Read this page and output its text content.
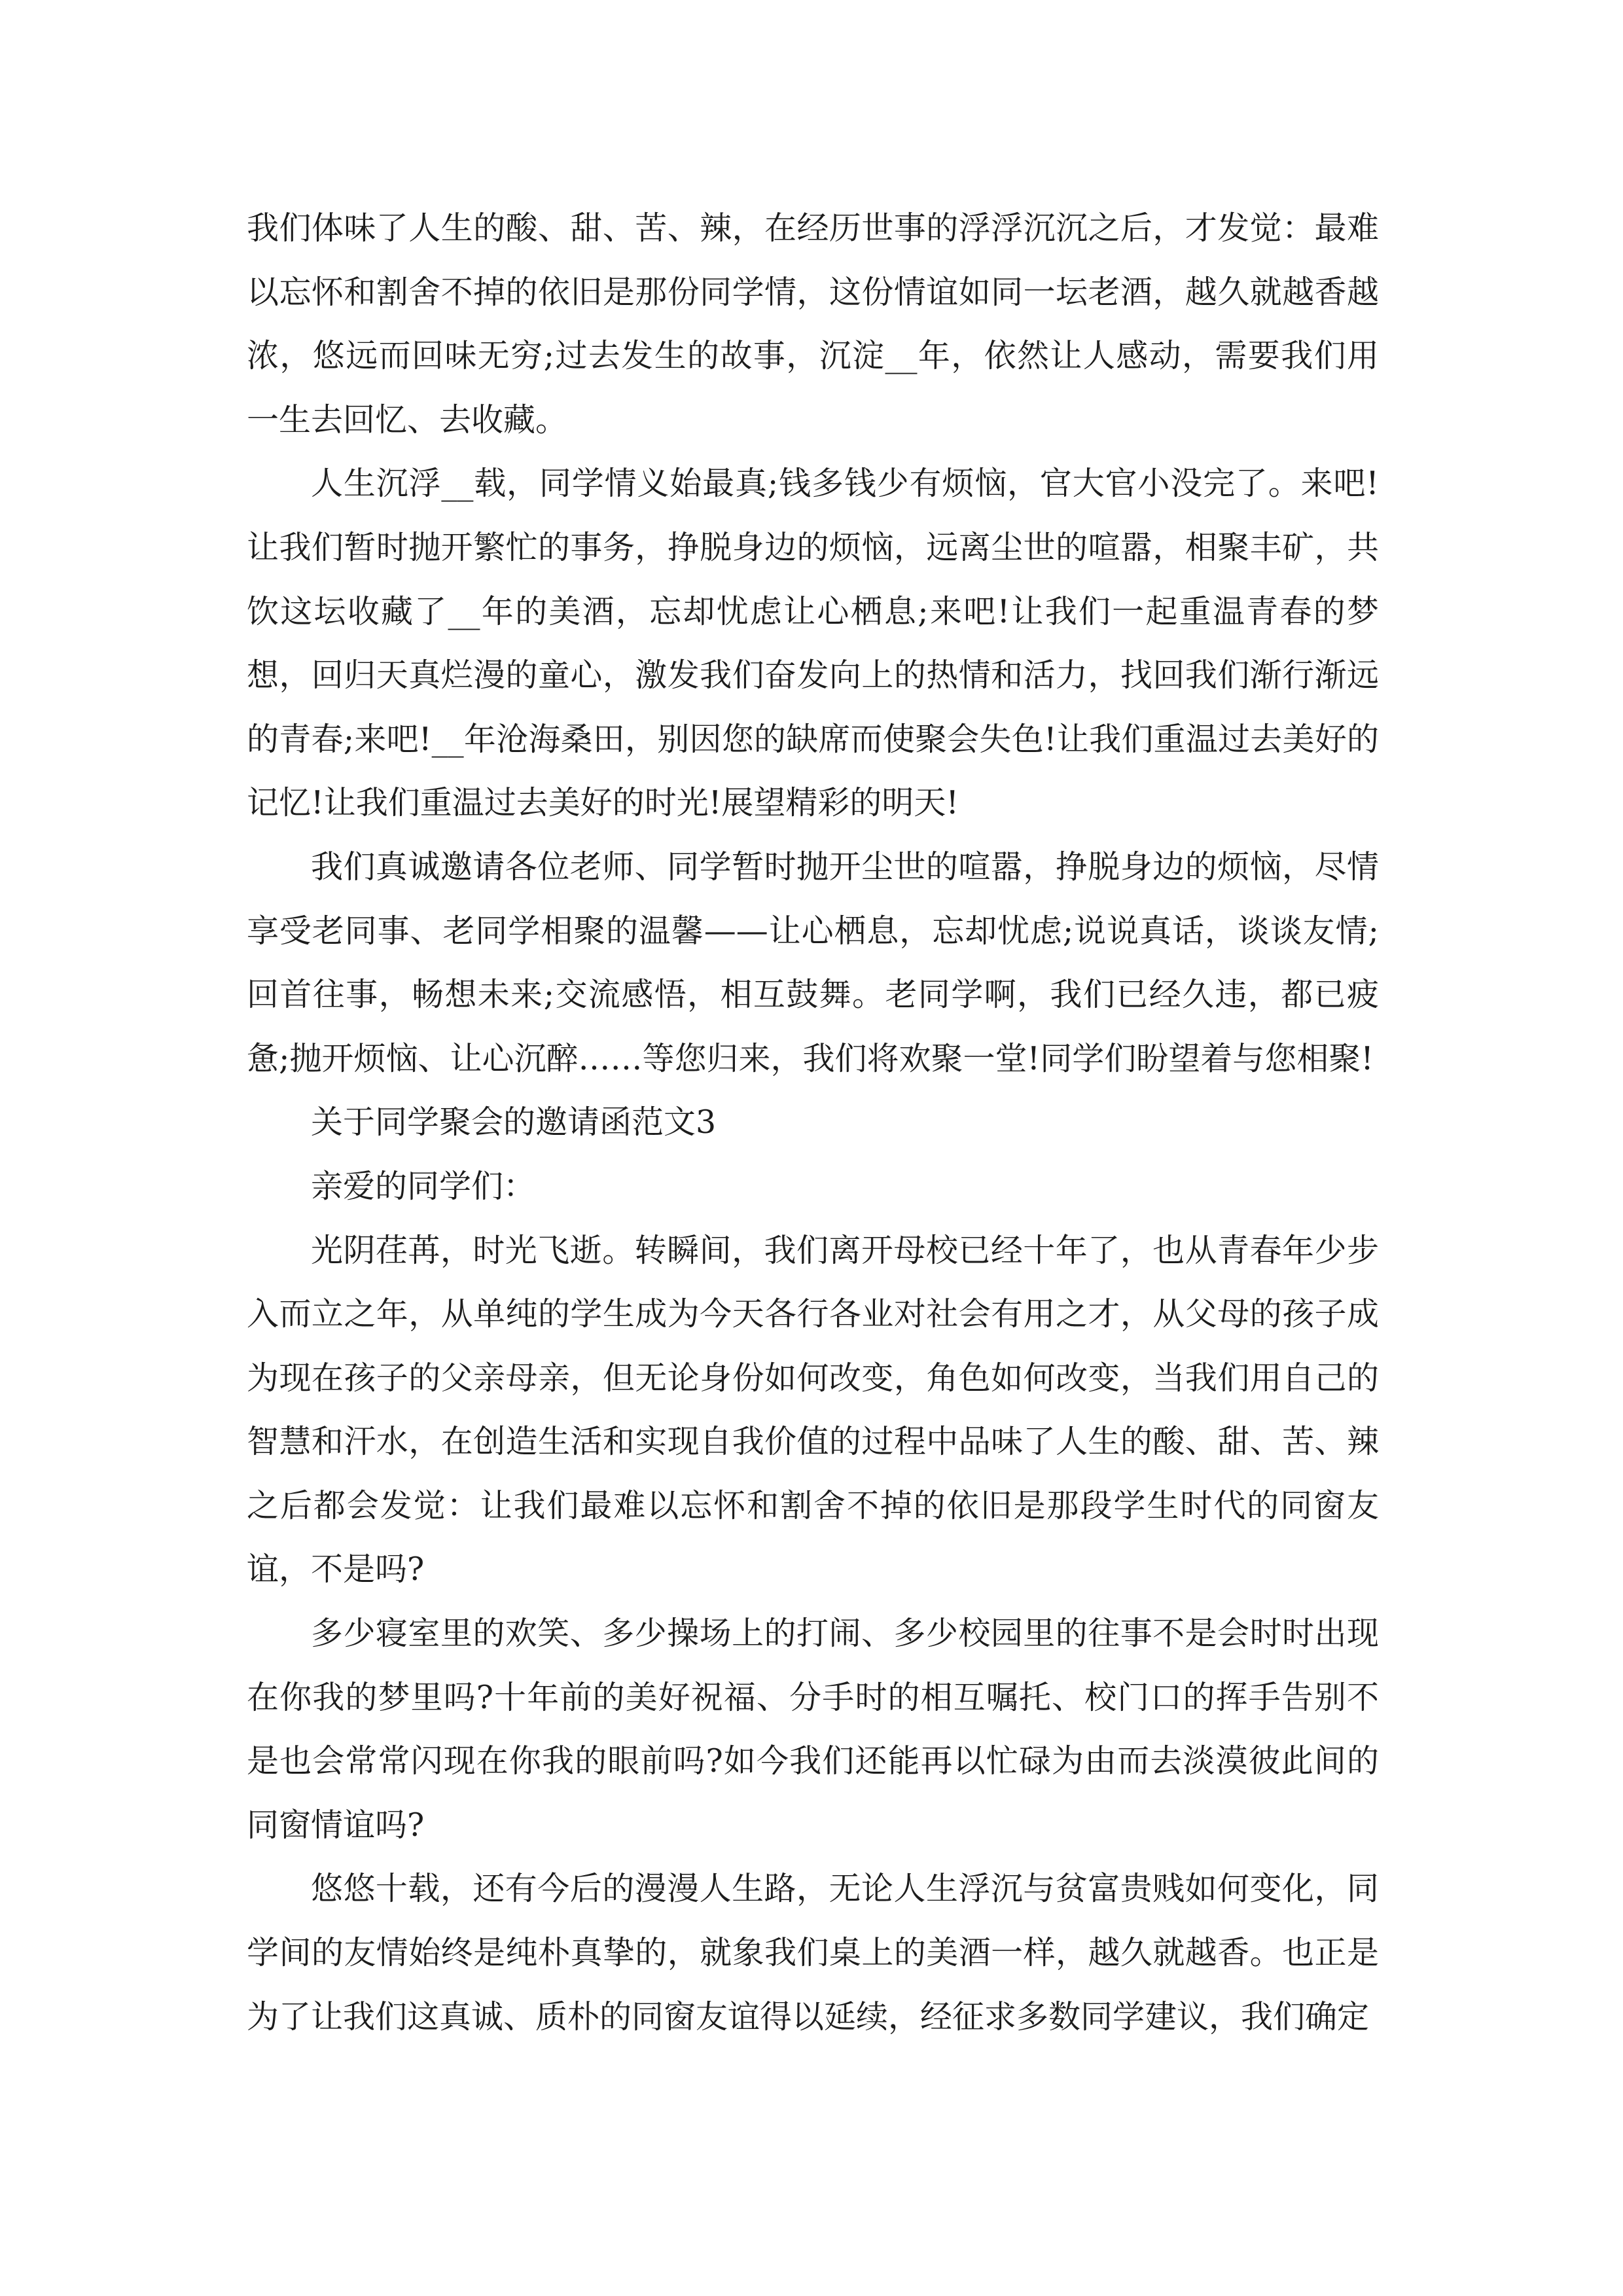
我们体味了人生的酸、甜、苦、辣，在经历世事的浮浮沉沉之后，才发觉：最难以忘怀和割舍不掉的依旧是那份同学情，这份情谊如同一坛老酒，越久就越香越浓，悠远而回味无穷;过去发生的故事，沉淀__年，依然让人感动，需要我们用一生去回忆、去收藏。

人生沉浮__载，同学情义始最真;钱多钱少有烦恼，官大官小没完了。来吧!让我们暂时抛开繁忙的事务，挣脱身边的烦恼，远离尘世的喧嚣，相聚丰矿，共饮这坛收藏了__年的美酒，忘却忧虑让心栖息;来吧!让我们一起重温青春的梦想，回归天真烂漫的童心，激发我们奋发向上的热情和活力，找回我们渐行渐远的青春;来吧!__年沧海桑田，别因您的缺席而使聚会失色!让我们重温过去美好的记忆!让我们重温过去美好的时光!展望精彩的明天!

我们真诚邀请各位老师、同学暂时抛开尘世的喧嚣，挣脱身边的烦恼，尽情享受老同事、老同学相聚的温馨——让心栖息，忘却忧虑;说说真话，谈谈友情;回首往事，畅想未来;交流感悟，相互鼓舞。老同学啊，我们已经久违，都已疲惫;抛开烦恼、让心沉醉……等您归来，我们将欢聚一堂!同学们盼望着与您相聚!

关于同学聚会的邀请函范文3

亲爱的同学们：

光阴荏苒，时光飞逝。转瞬间，我们离开母校已经十年了，也从青春年少步入而立之年，从单纯的学生成为今天各行各业对社会有用之才，从父母的孩子成为现在孩子的父亲母亲，但无论身份如何改变，角色如何改变，当我们用自己的智慧和汗水，在创造生活和实现自我价值的过程中品味了人生的酸、甜、苦、辣之后都会发觉：让我们最难以忘怀和割舍不掉的依旧是那段学生时代的同窗友谊，不是吗?

多少寝室里的欢笑、多少操场上的打闹、多少校园里的往事不是会时时出现在你我的梦里吗?十年前的美好祝福、分手时的相互嘱托、校门口的挥手告别不是也会常常闪现在你我的眼前吗?如今我们还能再以忙碌为由而去淡漠彼此间的同窗情谊吗?

悠悠十载，还有今后的漫漫人生路，无论人生浮沉与贫富贵贱如何变化，同学间的友情始终是纯朴真挚的，就象我们桌上的美酒一样，越久就越香。也正是为了让我们这真诚、质朴的同窗友谊得以延续，经征求多数同学建议，我们确定
